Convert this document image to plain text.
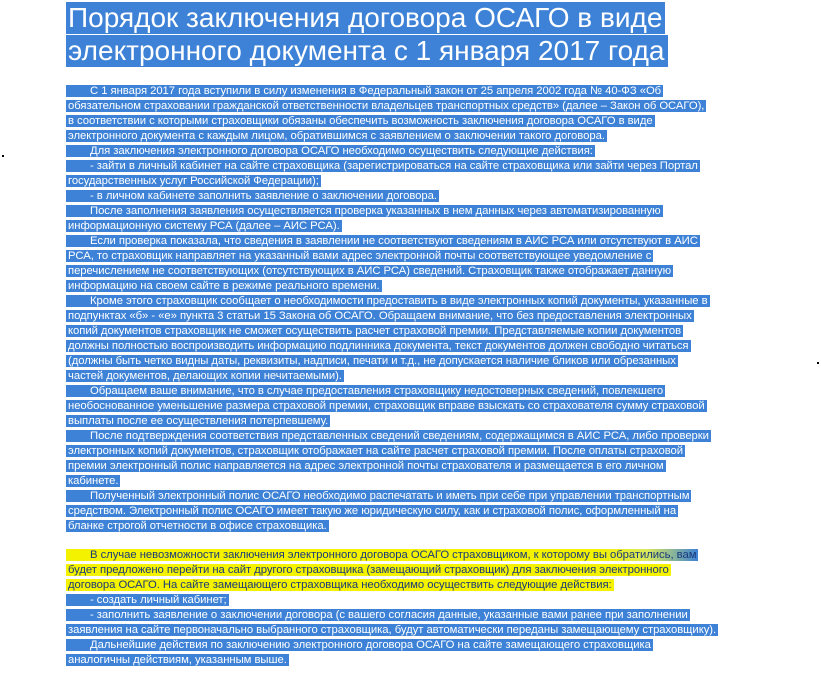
Порядок заключения договора ОСАГО в виде
электронного документа с 1 января 2017 года
С 1 января 2017 года вступили в силу изменения в Федеральный закон от 25 апреля 2002 года № 40-ФЗ «Об
обязательном страховании гражданской ответственности владельцев транспортных средств» (далее – Закон об ОСАГО),
в соответствии с которыми страховщики обязаны обеспечить возможность заключения договора ОСАГО в виде
электронного документа с каждым лицом, обратившимся с заявлением о заключении такого договора.
Для заключения электронного договора ОСАГО необходимо осуществить следующие действия:
- зайти в личный кабинет на сайте страховщика (зарегистрироваться на сайте страховщика или зайти через Портал
государственных услуг Российской Федерации);
- в личном кабинете заполнить заявление о заключении договора.
После заполнения заявления осуществляется проверка указанных в нем данных через автоматизированную
информационную систему РСА (далее – АИС РСА).
Если проверка показала, что сведения в заявлении не соответствуют сведениям в АИС РСА или отсутствуют в АИС
РСА, то страховщик направляет на указанный вами адрес электронной почты соответствующее уведомление с
перечислением не соответствующих (отсутствующих в АИС РСА) сведений. Страховщик также отображает данную
информацию на своем сайте в режиме реального времени.
Кроме этого страховщик сообщает о необходимости предоставить в виде электронных копий документы, указанные в
подпунктах «б» - «е» пункта 3 статьи 15 Закона об ОСАГО. Обращаем внимание, что без предоставления электронных
копий документов страховщик не сможет осуществить расчет страховой премии. Представляемые копии документов
должны полностью воспроизводить информацию подлинника документа, текст документов должен свободно читаться
(должны быть четко видны даты, реквизиты, надписи, печати и т.д., не допускается наличие бликов или обрезанных
частей документов, делающих копии нечитаемыми).
Обращаем ваше внимание, что в случае предоставления страховщику недостоверных сведений, повлекшего
необоснованное уменьшение размера страховой премии, страховщик вправе взыскать со страхователя сумму страховой
выплаты после ее осуществления потерпевшему.
После подтверждения соответствия представленных сведений сведениям, содержащимся в АИС РСА, либо проверки
электронных копий документов, страховщик отображает на сайте расчет страховой премии. После оплаты страховой
премии электронный полис направляется на адрес электронной почты страхователя и размещается в его личном
кабинете.
Полученный электронный полис ОСАГО необходимо распечатать и иметь при себе при управлении транспортным
средством. Электронный полис ОСАГО имеет такую же юридическую силу, как и страховой полис, оформленный на
бланке строгой отчетности в офисе страховщика.
В случае невозможности заключения электронного договора ОСАГО страховщиком, к которому вы обратились, вам
будет предложено перейти на сайт другого страховщика (замещающий страховщик) для заключения электронного
договора ОСАГО. На сайте замещающего страховщика необходимо осуществить следующие действия:
- создать личный кабинет;
- заполнить заявление о заключении договора (с вашего согласия данные, указанные вами ранее при заполнении
заявления на сайте первоначально выбранного страховщика, будут автоматически переданы замещающему страховщику).
Дальнейшие действия по заключению электронного договора ОСАГО на сайте замещающего страховщика
аналогичны действиям, указанным выше.
